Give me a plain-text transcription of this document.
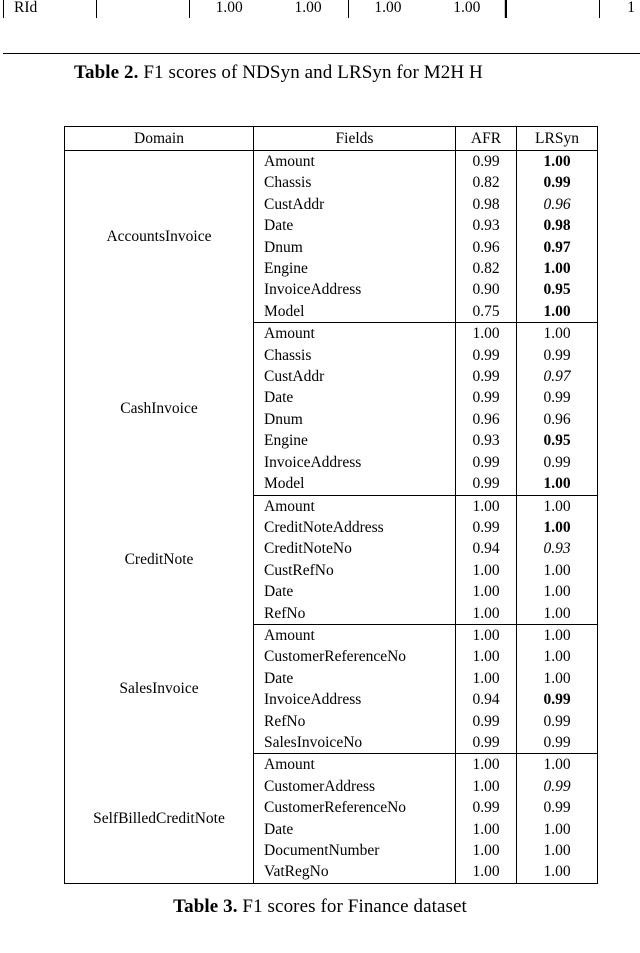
RId		1.00	1.00	1.00	1.00		1
Table 2. F1 scores of NDSyn and LRSyn for M2H H
Domain	Fields	AFR	LRSyn
AccountsInvoice	Amount	0.99	1.00
	Chassis	0.82	0.99
	CustAddr	0.98	0.96
	Date	0.93	0.98
	Dnum	0.96	0.97
	Engine	0.82	1.00
	InvoiceAddress	0.90	0.95
	Model	0.75	1.00
CashInvoice	Amount	1.00	1.00
	Chassis	0.99	0.99
	CustAddr	0.99	0.97
	Date	0.99	0.99
	Dnum	0.96	0.96
	Engine	0.93	0.95
	InvoiceAddress	0.99	0.99
	Model	0.99	1.00
CreditNote	Amount	1.00	1.00
	CreditNoteAddress	0.99	1.00
	CreditNoteNo	0.94	0.93
	CustRefNo	1.00	1.00
	Date	1.00	1.00
	RefNo	1.00	1.00
SalesInvoice	Amount	1.00	1.00
	CustomerReferenceNo	1.00	1.00
	Date	1.00	1.00
	InvoiceAddress	0.94	0.99
	RefNo	0.99	0.99
	SalesInvoiceNo	0.99	0.99
SelfBilledCreditNote	Amount	1.00	1.00
	CustomerAddress	1.00	0.99
	CustomerReferenceNo	0.99	0.99
	Date	1.00	1.00
	DocumentNumber	1.00	1.00
	VatRegNo	1.00	1.00
Table 3. F1 scores for Finance dataset
